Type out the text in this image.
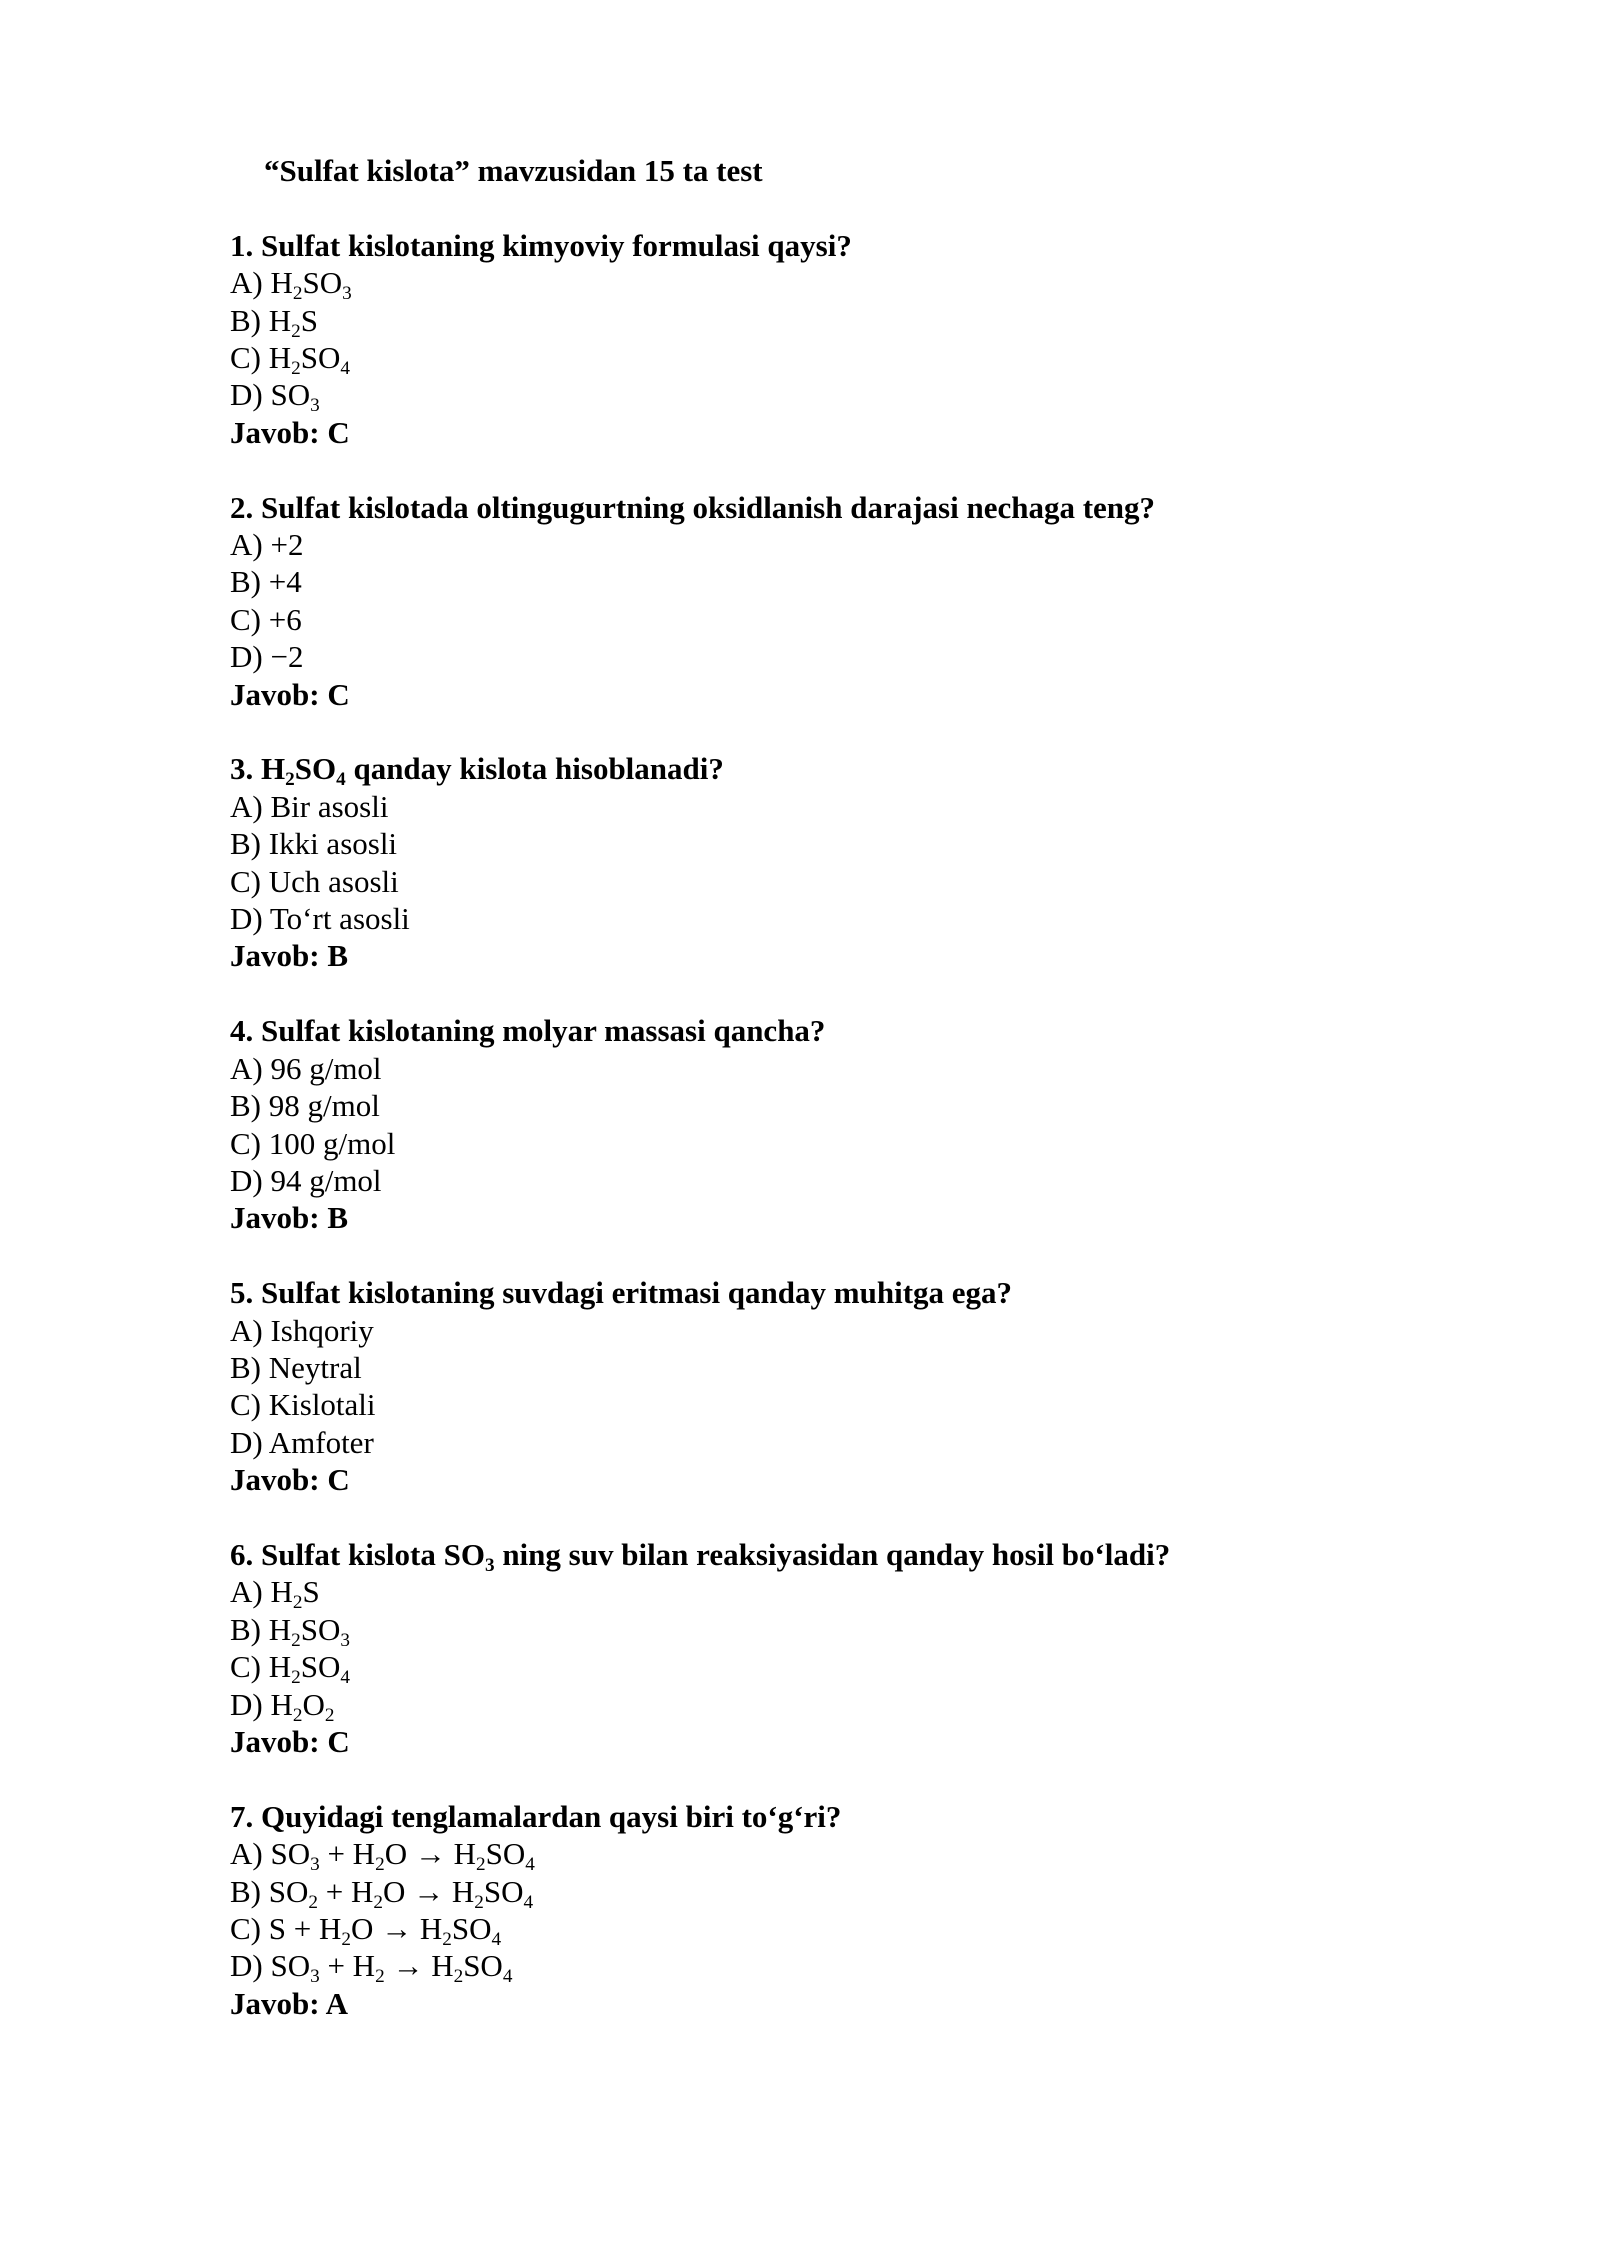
“Sulfat kislota” mavzusidan 15 ta test
1. Sulfat kislotaning kimyoviy formulasi qaysi?
A) $H_2SO_3$
B) $H_2S$
C) $H_2SO_4$
D) $SO_3$
Javob: C
2. Sulfat kislotada oltingugurtning oksidlanish darajasi nechaga teng?
A) +2
B) +4
C) +6
D) −2
Javob: C
3. $H_2SO_4$ qanday kislota hisoblanadi?
A) Bir asosli
B) Ikki asosli
C) Uch asosli
D) To‘rt asosli
Javob: B
4. Sulfat kislotaning molyar massasi qancha?
A) 96 g/mol
B) 98 g/mol
C) 100 g/mol
D) 94 g/mol
Javob: B
5. Sulfat kislotaning suvdagi eritmasi qanday muhitga ega?
A) Ishqoriy
B) Neytral
C) Kislotali
D) Amfoter
Javob: C
6. Sulfat kislota $SO_3$ ning suv bilan reaksiyasidan qanday hosil bo‘ladi?
A) $H_2S$
B) $H_2SO_3$
C) $H_2SO_4$
D) $H_2O_2$
Javob: C
7. Quyidagi tenglamalardan qaysi biri to‘g‘ri?
A) $SO_3 + H_2O \to H_2SO_4$
B) $SO_2 + H_2O \to H_2SO_4$
C) $S + H_2O \to H_2SO_4$
D) $SO_3 + H_2 \to H_2SO_4$
Javob: A
